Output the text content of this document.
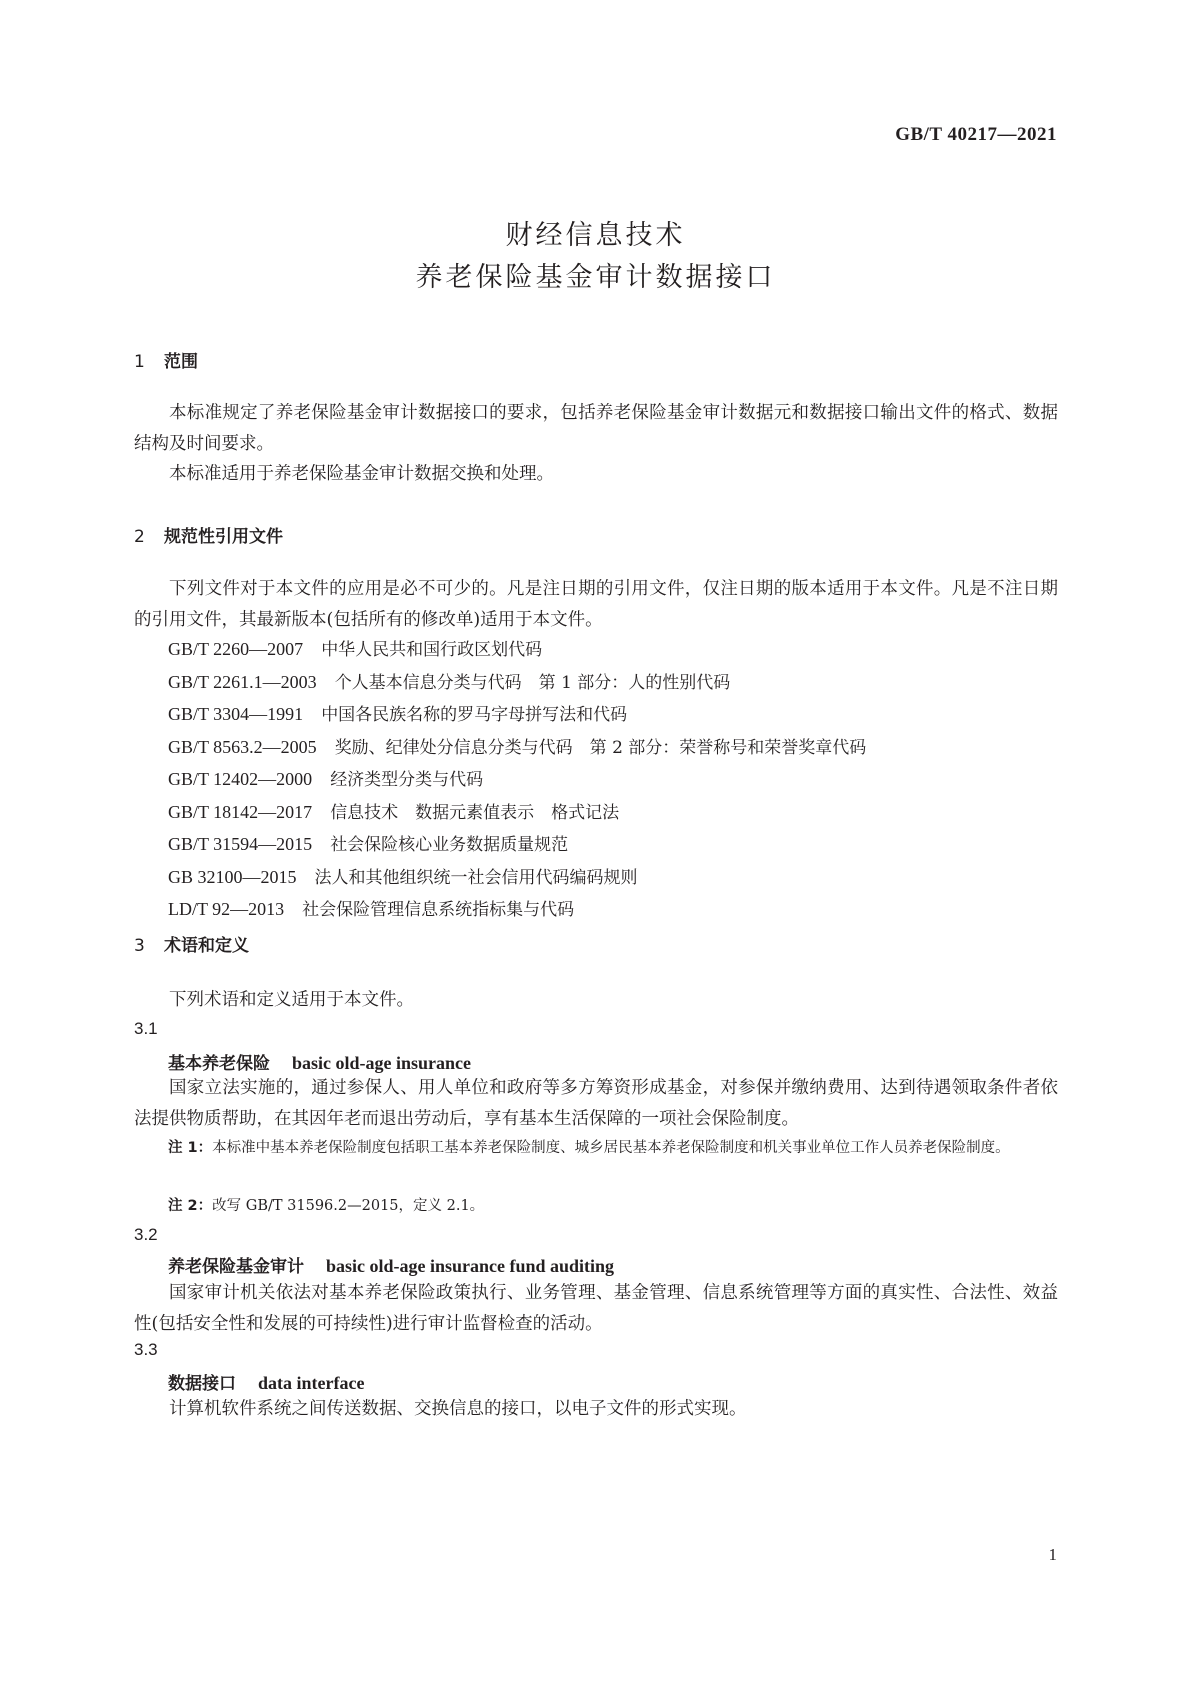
GB/T 40217—2021
财经信息技术
养老保险基金审计数据接口
1 范围

本标准规定了养老保险基金审计数据接口的要求，包括养老保险基金审计数据元和数据接口输出文件的格式、数据结构及时间要求。

本标准适用于养老保险基金审计数据交换和处理。

2 规范性引用文件

下列文件对于本文件的应用是必不可少的。凡是注日期的引用文件，仅注日期的版本适用于本文件。凡是不注日期的引用文件，其最新版本(包括所有的修改单)适用于本文件。

GB/T 2260—2007 中华人民共和国行政区划代码
GB/T 2261.1—2003 个人基本信息分类与代码　第 1 部分：人的性别代码
GB/T 3304—1991 中国各民族名称的罗马字母拼写法和代码
GB/T 8563.2—2005 奖励、纪律处分信息分类与代码　第 2 部分：荣誉称号和荣誉奖章代码
GB/T 12402—2000 经济类型分类与代码
GB/T 18142—2017 信息技术　数据元素值表示　格式记法
GB/T 31594—2015 社会保险核心业务数据质量规范
GB 32100—2015 法人和其他组织统一社会信用代码编码规则
LD/T 92—2013 社会保险管理信息系统指标集与代码
3 术语和定义

下列术语和定义适用于本文件。

3.1
基本养老保险 basic old-age insurance

国家立法实施的，通过参保人、用人单位和政府等多方筹资形成基金，对参保并缴纳费用、达到待遇领取条件者依法提供物质帮助，在其因年老而退出劳动后，享有基本生活保障的一项社会保险制度。

注 1：本标准中基本养老保险制度包括职工基本养老保险制度、城乡居民基本养老保险制度和机关事业单位工作人员养老保险制度。

注 2：改写 GB/T 31596.2—2015，定义 2.1。

3.2
养老保险基金审计 basic old-age insurance fund auditing

国家审计机关依法对基本养老保险政策执行、业务管理、基金管理、信息系统管理等方面的真实性、合法性、效益性(包括安全性和发展的可持续性)进行审计监督检查的活动。

3.3
数据接口 data interface

计算机软件系统之间传送数据、交换信息的接口，以电子文件的形式实现。

1
